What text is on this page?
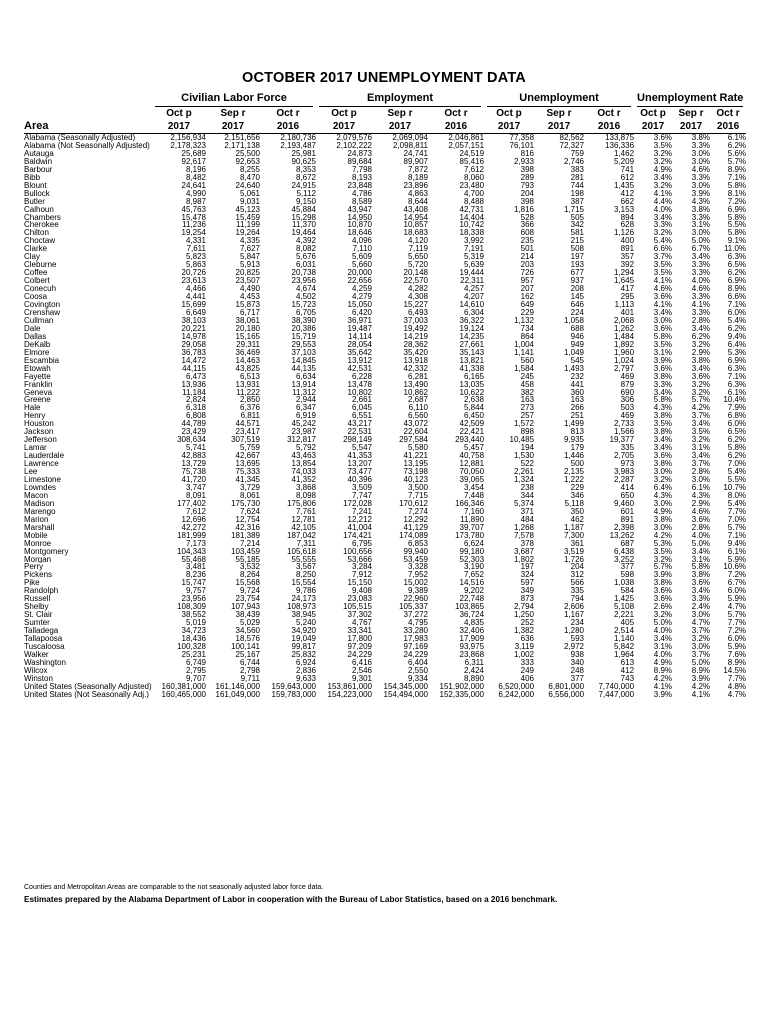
OCTOBER 2017 UNEMPLOYMENT DATA

	Civilian Labor Force			Employment			Unemployment			Unemployment Rate		

	Oct p	Sep r	Oct r	Oct p	Sep r	Oct r	Oct p	Sep r	Oct r	Oct p	Sep r	Oct r
Area	2017	2017	2016	2017	2017	2016	2017	2017	2016	2017	2017	2016
Alabama (Seasonally Adjusted)	2,156,934	2,151,656	2,180,736	2,079,576	2,069,094	2,046,861	77,358	82,562	133,875	3.6%	3.8%	6.1%
Alabama (Not Seasonally Adjusted)	2,178,323	2,171,138	2,193,487	2,102,222	2,098,811	2,057,151	76,101	72,327	136,336	3.5%	3.3%	6.2%
Autauga	25,689	25,500	25,981	24,873	24,741	24,519	816	759	1,462	3.2%	3.0%	5.6%
Baldwin	92,617	92,653	90,625	89,684	89,907	85,416	2,933	2,746	5,209	3.2%	3.0%	5.7%
Barbour	8,196	8,255	8,353	7,798	7,872	7,612	398	383	741	4.9%	4.6%	8.9%
Bibb	8,482	8,470	8,672	8,193	8,189	8,060	289	281	612	3.4%	3.3%	7.1%
Blount	24,641	24,640	24,915	23,848	23,896	23,480	793	744	1,435	3.2%	3.0%	5.8%
Bullock	4,990	5,061	5,112	4,786	4,863	4,700	204	198	412	4.1%	3.9%	8.1%
Butler	8,987	9,031	9,150	8,589	8,644	8,488	398	387	662	4.4%	4.3%	7.2%
Calhoun	45,763	45,123	45,884	43,947	43,408	42,731	1,816	1,715	3,153	4.0%	3.8%	6.9%
Chambers	15,478	15,459	15,298	14,950	14,954	14,404	528	505	894	3.4%	3.3%	5.8%
Cherokee	11,236	11,199	11,370	10,870	10,857	10,742	366	342	628	3.3%	3.1%	5.5%
Chilton	19,254	19,264	19,464	18,646	18,683	18,338	608	581	1,126	3.2%	3.0%	5.8%
Choctaw	4,331	4,335	4,392	4,096	4,120	3,992	235	215	400	5.4%	5.0%	9.1%
Clarke	7,611	7,627	8,082	7,110	7,119	7,191	501	508	891	6.6%	6.7%	11.0%
Clay	5,823	5,847	5,676	5,609	5,650	5,319	214	197	357	3.7%	3.4%	6.3%
Cleburne	5,863	5,913	6,031	5,660	5,720	5,639	203	193	392	3.5%	3.3%	6.5%
Coffee	20,726	20,825	20,738	20,000	20,148	19,444	726	677	1,294	3.5%	3.3%	6.2%
Colbert	23,613	23,507	23,956	22,656	22,570	22,311	957	937	1,645	4.1%	4.0%	6.9%
Conecuh	4,466	4,490	4,674	4,259	4,282	4,257	207	208	417	4.6%	4.6%	8.9%
Coosa	4,441	4,453	4,502	4,279	4,308	4,207	162	145	295	3.6%	3.3%	6.6%
Covington	15,699	15,873	15,723	15,050	15,227	14,610	649	646	1,113	4.1%	4.1%	7.1%
Crenshaw	6,649	6,717	6,705	6,420	6,493	6,304	229	224	401	3.4%	3.3%	6.0%
Cullman	38,103	38,061	38,390	36,971	37,003	36,322	1,132	1,058	2,068	3.0%	2.8%	5.4%
Dale	20,221	20,180	20,386	19,487	19,492	19,124	734	688	1,262	3.6%	3.4%	6.2%
Dallas	14,978	15,165	15,719	14,114	14,219	14,235	864	946	1,484	5.8%	6.2%	9.4%
DeKalb	29,058	29,311	29,553	28,054	28,362	27,661	1,004	949	1,892	3.5%	3.2%	6.4%
Elmore	36,783	36,469	37,103	35,642	35,420	35,143	1,141	1,049	1,960	3.1%	2.9%	5.3%
Escambia	14,472	14,463	14,845	13,912	13,918	13,821	560	545	1,024	3.9%	3.8%	6.9%
Etowah	44,115	43,825	44,135	42,531	42,332	41,338	1,584	1,493	2,797	3.6%	3.4%	6.3%
Fayette	6,473	6,513	6,634	6,228	6,281	6,165	245	232	469	3.8%	3.6%	7.1%
Franklin	13,936	13,931	13,914	13,478	13,490	13,035	458	441	879	3.3%	3.2%	6.3%
Geneva	11,184	11,222	11,312	10,802	10,862	10,622	382	360	690	3.4%	3.2%	6.1%
Greene	2,824	2,850	2,944	2,661	2,687	2,638	163	163	306	5.8%	5.7%	10.4%
Hale	6,318	6,376	6,347	6,045	6,110	5,844	273	266	503	4.3%	4.2%	7.9%
Henry	6,808	6,811	6,919	6,551	6,560	6,450	257	251	469	3.8%	3.7%	6.8%
Houston	44,789	44,571	45,242	43,217	43,072	42,509	1,572	1,499	2,733	3.5%	3.4%	6.0%
Jackson	23,429	23,417	23,987	22,531	22,604	22,421	898	813	1,566	3.8%	3.5%	6.5%
Jefferson	308,634	307,519	312,817	298,149	297,584	293,440	10,485	9,935	19,377	3.4%	3.2%	6.2%
Lamar	5,741	5,759	5,792	5,547	5,580	5,457	194	179	335	3.4%	3.1%	5.8%
Lauderdale	42,883	42,667	43,463	41,353	41,221	40,758	1,530	1,446	2,705	3.6%	3.4%	6.2%
Lawrence	13,729	13,695	13,854	13,207	13,195	12,881	522	500	973	3.8%	3.7%	7.0%
Lee	75,738	75,333	74,033	73,477	73,198	70,050	2,261	2,135	3,983	3.0%	2.8%	5.4%
Limestone	41,720	41,345	41,352	40,396	40,123	39,065	1,324	1,222	2,287	3.2%	3.0%	5.5%
Lowndes	3,747	3,729	3,868	3,509	3,500	3,454	238	229	414	6.4%	6.1%	10.7%
Macon	8,091	8,061	8,098	7,747	7,715	7,448	344	346	650	4.3%	4.3%	8.0%
Madison	177,402	175,730	175,806	172,028	170,612	166,346	5,374	5,118	9,460	3.0%	2.9%	5.4%
Marengo	7,612	7,624	7,761	7,241	7,274	7,160	371	350	601	4.9%	4.6%	7.7%
Marion	12,696	12,754	12,781	12,212	12,292	11,890	484	462	891	3.8%	3.6%	7.0%
Marshall	42,272	42,316	42,105	41,004	41,129	39,707	1,268	1,187	2,398	3.0%	2.8%	5.7%
Mobile	181,999	181,389	187,042	174,421	174,089	173,780	7,578	7,300	13,262	4.2%	4.0%	7.1%
Monroe	7,173	7,214	7,311	6,795	6,853	6,624	378	361	687	5.3%	5.0%	9.4%
Montgomery	104,343	103,459	105,618	100,656	99,940	99,180	3,687	3,519	6,438	3.5%	3.4%	6.1%
Morgan	55,468	55,185	55,555	53,666	53,459	52,303	1,802	1,726	3,252	3.2%	3.1%	5.9%
Perry	3,481	3,532	3,567	3,284	3,328	3,190	197	204	377	5.7%	5.8%	10.6%
Pickens	8,236	8,264	8,250	7,912	7,952	7,652	324	312	598	3.9%	3.8%	7.2%
Pike	15,747	15,568	15,554	15,150	15,002	14,516	597	566	1,038	3.8%	3.6%	6.7%
Randolph	9,757	9,724	9,786	9,408	9,389	9,202	349	335	584	3.6%	3.4%	6.0%
Russell	23,956	23,754	24,173	23,083	22,960	22,748	873	794	1,425	3.6%	3.3%	5.9%
Shelby	108,309	107,943	108,973	105,515	105,337	103,865	2,794	2,606	5,108	2.6%	2.4%	4.7%
St. Clair	38,552	38,439	38,945	37,302	37,272	36,724	1,250	1,167	2,221	3.2%	3.0%	5.7%
Sumter	5,019	5,029	5,240	4,767	4,795	4,835	252	234	405	5.0%	4.7%	7.7%
Talladega	34,723	34,560	34,920	33,341	33,280	32,406	1,382	1,280	2,514	4.0%	3.7%	7.2%
Tallapoosa	18,436	18,576	19,049	17,800	17,983	17,909	636	593	1,140	3.4%	3.2%	6.0%
Tuscaloosa	100,328	100,141	99,817	97,209	97,169	93,975	3,119	2,972	5,842	3.1%	3.0%	5.9%
Walker	25,231	25,167	25,832	24,229	24,229	23,868	1,002	938	1,964	4.0%	3.7%	7.6%
Washington	6,749	6,744	6,924	6,416	6,404	6,311	333	340	613	4.9%	5.0%	8.9%
Wilcox	2,795	2,798	2,836	2,546	2,550	2,424	249	248	412	8.9%	8.9%	14.5%
Winston	9,707	9,711	9,633	9,301	9,334	8,890	406	377	743	4.2%	3.9%	7.7%
United States (Seasonally Adjusted)	160,381,000	161,146,000	159,643,000	153,861,000	154,345,000	151,902,000	6,520,000	6,801,000	7,740,000	4.1%	4.2%	4.8%
United States (Not Seasonally Adj.)	160,465,000	161,049,000	159,783,000	154,223,000	154,494,000	152,335,000	6,242,000	6,556,000	7,447,000	3.9%	4.1%	4.7%
Counties and Metropolitan Areas are comparable to the not seasonally adjusted labor force data.
Estimates prepared by the Alabama Department of Labor in cooperation with the Bureau of Labor Statistics, based on a 2016 benchmark.
